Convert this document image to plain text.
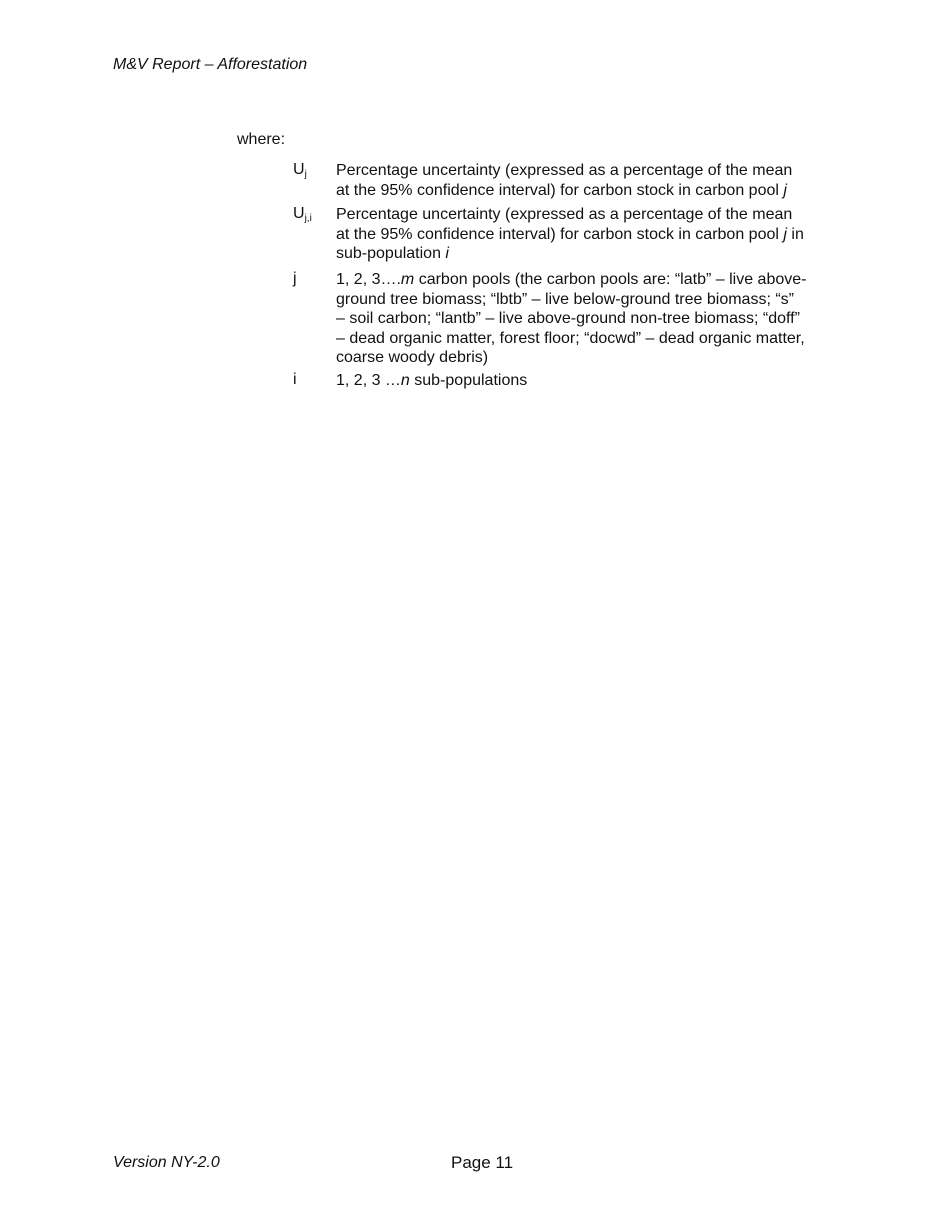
M&V Report – Afforestation
where:
$U_j$ Percentage uncertainty (expressed as a percentage of the mean
at the 95% confidence interval) for carbon stock in carbon pool j
$U_{j,i}$ Percentage uncertainty (expressed as a percentage of the mean
at the 95% confidence interval) for carbon stock in carbon pool j in
sub-population i
j 1, 2, 3….m carbon pools (the carbon pools are: “latb” – live above-
ground tree biomass; “lbtb” – live below-ground tree biomass; “s”
– soil carbon; “lantb” – live above-ground non-tree biomass; “doff”
– dead organic matter, forest floor; “docwd” – dead organic matter,
coarse woody debris)
i 1, 2, 3 …n sub-populations
Version NY-2.0	Page 11
